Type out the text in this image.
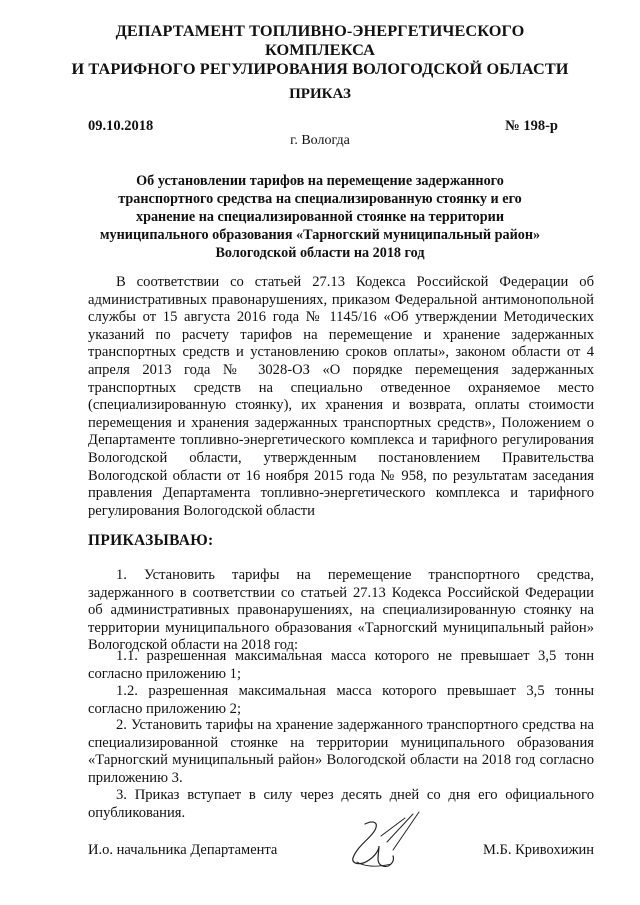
ДЕПАРТАМЕНТ ТОПЛИВНО-ЭНЕРГЕТИЧЕСКОГО КОМПЛЕКСА
И ТАРИФНОГО РЕГУЛИРОВАНИЯ ВОЛОГОДСКОЙ ОБЛАСТИ
ПРИКАЗ
09.10.2018	№ 198-р
г. Вологда
Об установлении тарифов на перемещение задержанного транспортного средства на специализированную стоянку и его хранение на специализированной стоянке на территории муниципального образования «Тарногский муниципальный район» Вологодской области на 2018 год
В соответствии со статьей 27.13 Кодекса Российской Федерации об административных правонарушениях, приказом Федеральной антимонопольной службы от 15 августа 2016 года № 1145/16 «Об утверждении Методических указаний по расчету тарифов на перемещение и хранение задержанных транспортных средств и установлению сроков оплаты», законом области от 4 апреля 2013 года № 3028-ОЗ «О порядке перемещения задержанных транспортных средств на специально отведенное охраняемое место (специализированную стоянку), их хранения и возврата, оплаты стоимости перемещения и хранения задержанных транспортных средств», Положением о Департаменте топливно-энергетического комплекса и тарифного регулирования Вологодской области, утвержденным постановлением Правительства Вологодской области от 16 ноября 2015 года № 958, по результатам заседания правления Департамента топливно-энергетического комплекса и тарифного регулирования Вологодской области
ПРИКАЗЫВАЮ:
1. Установить тарифы на перемещение транспортного средства, задержанного в соответствии со статьей 27.13 Кодекса Российской Федерации об административных правонарушениях, на специализированную стоянку на территории муниципального образования «Тарногский муниципальный район» Вологодской области на 2018 год:
1.1. разрешенная максимальная масса которого не превышает 3,5 тонн согласно приложению 1;
1.2. разрешенная максимальная масса которого превышает 3,5 тонны согласно приложению 2;
2. Установить тарифы на хранение задержанного транспортного средства на специализированной стоянке на территории муниципального образования «Тарногский муниципальный район» Вологодской области на 2018 год согласно приложению 3.
3. Приказ вступает в силу через десять дней со дня его официального опубликования.
И.о. начальника Департамента	М.Б. Кривохижин
